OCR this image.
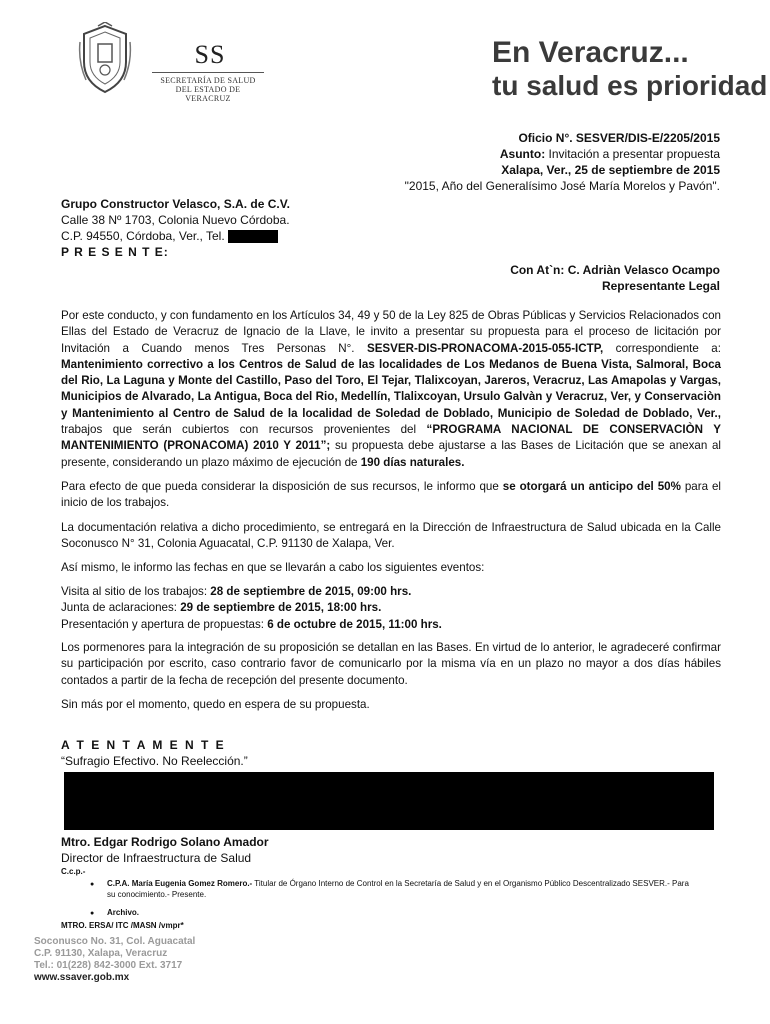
SS
SECRETARÍA DE SALUD
DEL ESTADO DE VERACRUZ
En Veracruz...
tu salud es prioridad
Oficio N°. SESVER/DIS-E/2205/2015
Asunto: Invitación a presentar propuesta
Xalapa, Ver., 25 de septiembre de 2015
"2015, Año del Generalísimo José María Morelos y Pavón".
Grupo Constructor Velasco, S.A. de C.V.
Calle 38 Nº 1703, Colonia Nuevo Córdoba.
C.P. 94550, Córdoba, Ver., Tel.
P R E S E N T E:
Con At`n: C. Adriàn Velasco Ocampo
Representante Legal
Por este conducto, y con fundamento en los Artículos 34, 49 y 50 de la Ley 825 de Obras Públicas y Servicios Relacionados con Ellas del Estado de Veracruz de Ignacio de la Llave, le invito a presentar su propuesta para el proceso de licitación por Invitación a Cuando menos Tres Personas N°. SESVER-DIS-PRONACOMA-2015-055-ICTP, correspondiente a: Mantenimiento correctivo a los Centros de Salud de las localidades de Los Medanos de Buena Vista, Salmoral, Boca del Rio, La Laguna y Monte del Castillo, Paso del Toro, El Tejar, Tlalixcoyan, Jareros, Veracruz, Las Amapolas y Vargas, Municipios de Alvarado, La Antigua, Boca del Rio, Medellín, Tlalixcoyan, Ursulo Galvàn y Veracruz, Ver, y Conservaciòn y Mantenimiento al Centro de Salud de la localidad de Soledad de Doblado, Municipio de Soledad de Doblado, Ver., trabajos que serán cubiertos con recursos provenientes del “PROGRAMA NACIONAL DE CONSERVACIÒN Y MANTENIMIENTO (PRONACOMA) 2010 Y 2011”; su propuesta debe ajustarse a las Bases de Licitación que se anexan al presente, considerando un plazo máximo de ejecución de 190 días naturales.
Para efecto de que pueda considerar la disposición de sus recursos, le informo que se otorgará un anticipo del 50% para el inicio de los trabajos.
La documentación relativa a dicho procedimiento, se entregará en la Dirección de Infraestructura de Salud ubicada en la Calle Soconusco N° 31, Colonia Aguacatal, C.P. 91130 de Xalapa, Ver.
Así mismo, le informo las fechas en que se llevarán a cabo los siguientes eventos:
Visita al sitio de los trabajos: 28 de septiembre de 2015, 09:00 hrs.
Junta de aclaraciones: 29 de septiembre de 2015, 18:00 hrs.
Presentación y apertura de propuestas: 6 de octubre de 2015, 11:00 hrs.
Los pormenores para la integración de su proposición se detallan en las Bases. En virtud de lo anterior, le agradeceré confirmar su participación por escrito, caso contrario favor de comunicarlo por la misma vía en un plazo no mayor a dos días hábiles contados a partir de la fecha de recepción del presente documento.
Sin más por el momento, quedo en espera de su propuesta.
A T E N T A M E N T E
“Sufragio Efectivo. No Reelección.”
Mtro. Edgar Rodrigo Solano Amador
Director de Infraestructura de Salud
C.c.p.-
● C.P.A. María Eugenia Gomez Romero.- Titular de Órgano Interno de Control en la Secretaría de Salud y en el Organismo Público Descentralizado SESVER.- Para su conocimiento.- Presente.
● Archivo.
MTRO. ERSA/ ITC /MASN /vmpr*
Soconusco No. 31, Col. Aguacatal
C.P. 91130, Xalapa, Veracruz
Tel.: 01(228) 842-3000 Ext. 3717
www.ssaver.gob.mx
